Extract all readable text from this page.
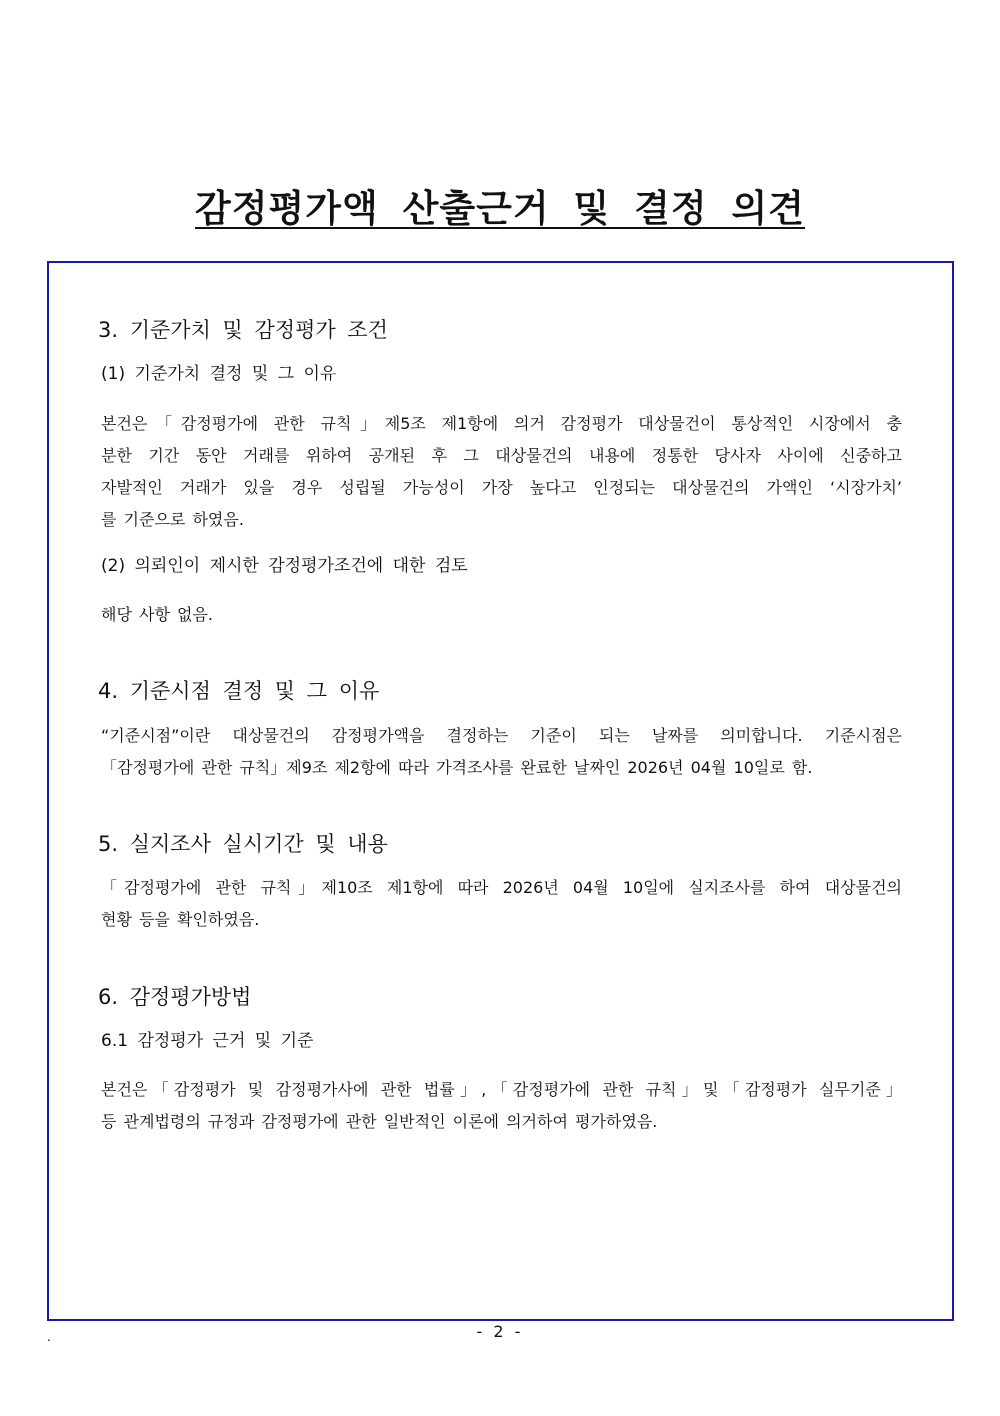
감정평가액 산출근거 및 결정 의견
3. 기준가치 및 감정평가 조건
(1) 기준가치 결정 및 그 이유
본건은「감정평가에 관한 규칙」제5조 제1항에 의거 감정평가 대상물건이 통상적인 시장에서 충
분한 기간 동안 거래를 위하여 공개된 후 그 대상물건의 내용에 정통한 당사자 사이에 신중하고
자발적인 거래가 있을 경우 성립될 가능성이 가장 높다고 인정되는 대상물건의 가액인 ‘시장가치’
를 기준으로 하였음.
(2) 의뢰인이 제시한 감정평가조건에 대한 검토
해당 사항 없음.
4. 기준시점 결정 및 그 이유
“기준시점”이란 대상물건의 감정평가액을 결정하는 기준이 되는 날짜를 의미합니다. 기준시점은
「감정평가에 관한 규칙」제9조 제2항에 따라 가격조사를 완료한 날짜인 2026년 04월 10일로 함.
5. 실지조사 실시기간 및 내용
「감정평가에 관한 규칙」제10조 제1항에 따라 2026년 04월 10일에 실지조사를 하여 대상물건의
현황 등을 확인하였음.
6. 감정평가방법
6.1 감정평가 근거 및 기준
본건은「감정평가 및 감정평가사에 관한 법률」,「감정평가에 관한 규칙」및「감정평가 실무기준」
등 관계법령의 규정과 감정평가에 관한 일반적인 이론에 의거하여 평가하였음.
- 2 -
.
